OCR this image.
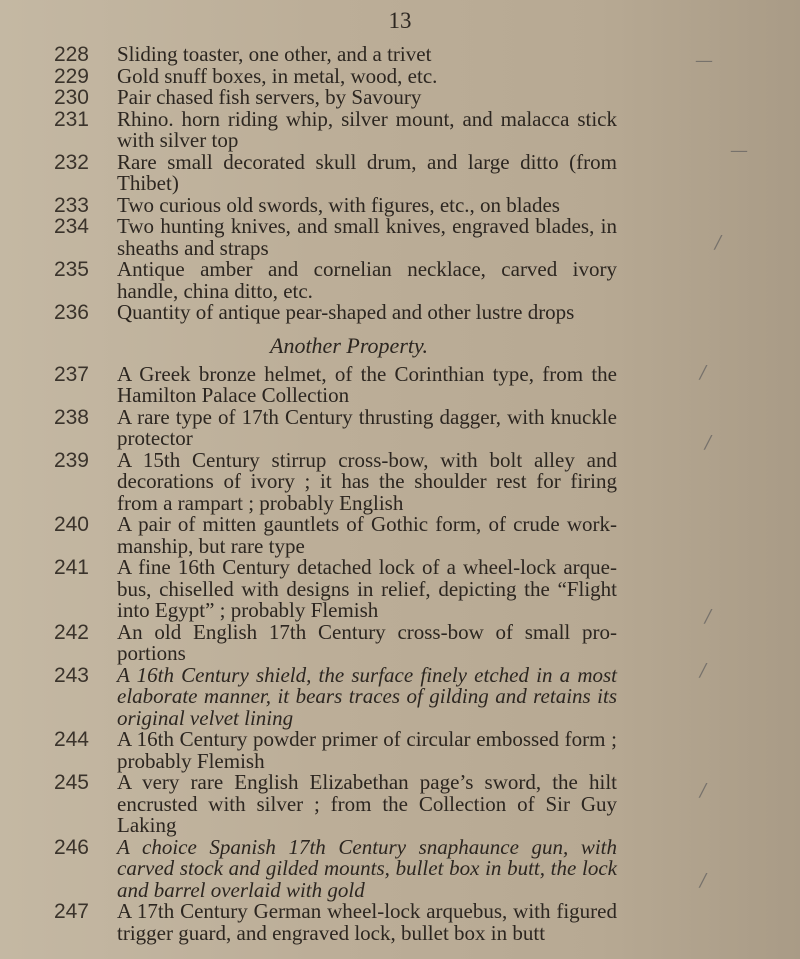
13
228	Sliding toaster, one other, and a trivet
229	Gold snuff boxes, in metal, wood, etc.
230	Pair chased fish servers, by Savoury
231	Rhino. horn riding whip, silver mount, and malacca stick with silver top
232	Rare small decorated skull drum, and large ditto (from Thibet)
233	Two curious old swords, with figures, etc., on blades
234	Two hunting knives, and small knives, engraved blades, in sheaths and straps
235	Antique amber and cornelian necklace, carved ivory handle, china ditto, etc.
236	Quantity of antique pear-shaped and other lustre drops
Another Property.
237	A Greek bronze helmet, of the Corinthian type, from the Hamilton Palace Collection
238	A rare type of 17th Century thrusting dagger, with knuckle protector
239	A 15th Century stirrup cross-bow, with bolt alley and decorations of ivory ; it has the shoulder rest for firing from a rampart ; probably English
240	A pair of mitten gauntlets of Gothic form, of crude work-manship, but rare type
241	A fine 16th Century detached lock of a wheel-lock arque-bus, chiselled with designs in relief, depicting the “Flight into Egypt” ; probably Flemish
242	An old English 17th Century cross-bow of small pro-portions
243	A 16th Century shield, the surface finely etched in a most elaborate manner, it bears traces of gilding and retains its original velvet lining
244	A 16th Century powder primer of circular embossed form ; probably Flemish
245	A very rare English Elizabethan page’s sword, the hilt encrusted with silver ; from the Collection of Sir Guy Laking
246	A choice Spanish 17th Century snaphaunce gun, with carved stock and gilded mounts, bullet box in butt, the lock and barrel overlaid with gold
247	A 17th Century German wheel-lock arquebus, with figured trigger guard, and engraved lock, bullet box in butt
—
—
/
/
/
/
/
/
/
